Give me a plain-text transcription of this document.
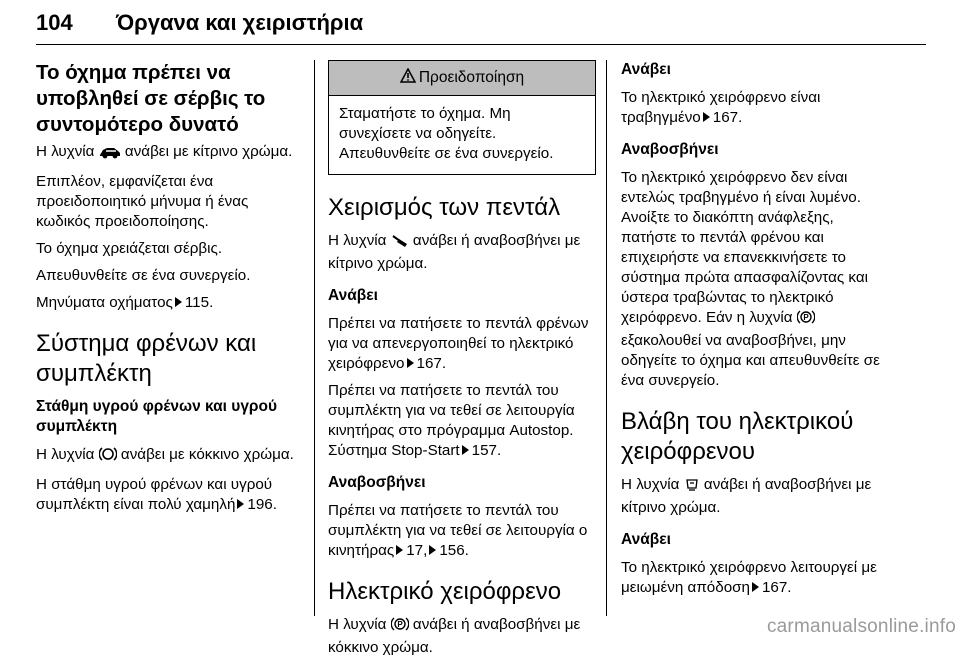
104 Όργανα και χειριστήρια
Το όχημα πρέπει να υποβληθεί σε σέρβις το συντομότερο δυνατό

Η λυχνία ανάβει με κίτρινο χρώμα.

Επιπλέον, εμφανίζεται ένα προειδοποιητικό μήνυμα ή ένας κωδικός προειδοποίησης.

Το όχημα χρειάζεται σέρβις.

Απευθυνθείτε σε ένα συνεργείο.

Μηνύματα οχήματος 115.

Σύστημα φρένων και συμπλέκτη
Στάθμη υγρού φρένων και υγρού συμπλέκτη

Η λυχνία ανάβει με κόκκινο χρώμα.

Η στάθμη υγρού φρένων και υγρού συμπλέκτη είναι πολύ χαμηλή 196.

Προειδοποίηση
Σταματήστε το όχημα. Μη συνεχίσετε να οδηγείτε. Απευθυνθείτε σε ένα συνεργείο.
Χειρισμός των πεντάλ

Η λυχνία ανάβει ή αναβοσβήνει με κίτρινο χρώμα.

Ανάβει

Πρέπει να πατήσετε το πεντάλ φρένων για να απενεργοποιηθεί το ηλεκτρικό χειρόφρενο 167.

Πρέπει να πατήσετε το πεντάλ του συμπλέκτη για να τεθεί σε λειτουργία κινητήρας στο πρόγραμμα Autostop. Σύστημα Stop-Start 157.

Αναβοσβήνει

Πρέπει να πατήσετε το πεντάλ του συμπλέκτη για να τεθεί σε λειτουργία ο κινητήρας 17, 156.

Ηλεκτρικό χειρόφρενο

Η λυχνία P ανάβει ή αναβοσβήνει με κόκκινο χρώμα.

Ανάβει

Το ηλεκτρικό χειρόφρενο είναι τραβηγμένο 167.

Αναβοσβήνει

Το ηλεκτρικό χειρόφρενο δεν είναι εντελώς τραβηγμένο ή είναι λυμένο. Ανοίξτε το διακόπτη ανάφλεξης, πατήστε το πεντάλ φρένου και επιχειρήστε να επανεκκινήσετε το σύστημα πρώτα απασφαλίζοντας και ύστερα τραβώντας το ηλεκτρικό χειρόφρενο. Εάν η λυχνία P
εξακολουθεί να αναβοσβήνει, μην οδηγείτε το όχημα και απευθυνθείτε σε ένα συνεργείο.

Βλάβη του ηλεκτρικού χειρόφρενου

Η λυχνία ανάβει ή αναβοσβήνει με κίτρινο χρώμα.

Ανάβει

Το ηλεκτρικό χειρόφρενο λειτουργεί με μειωμένη απόδοση 167.

carmanualsonline.info
